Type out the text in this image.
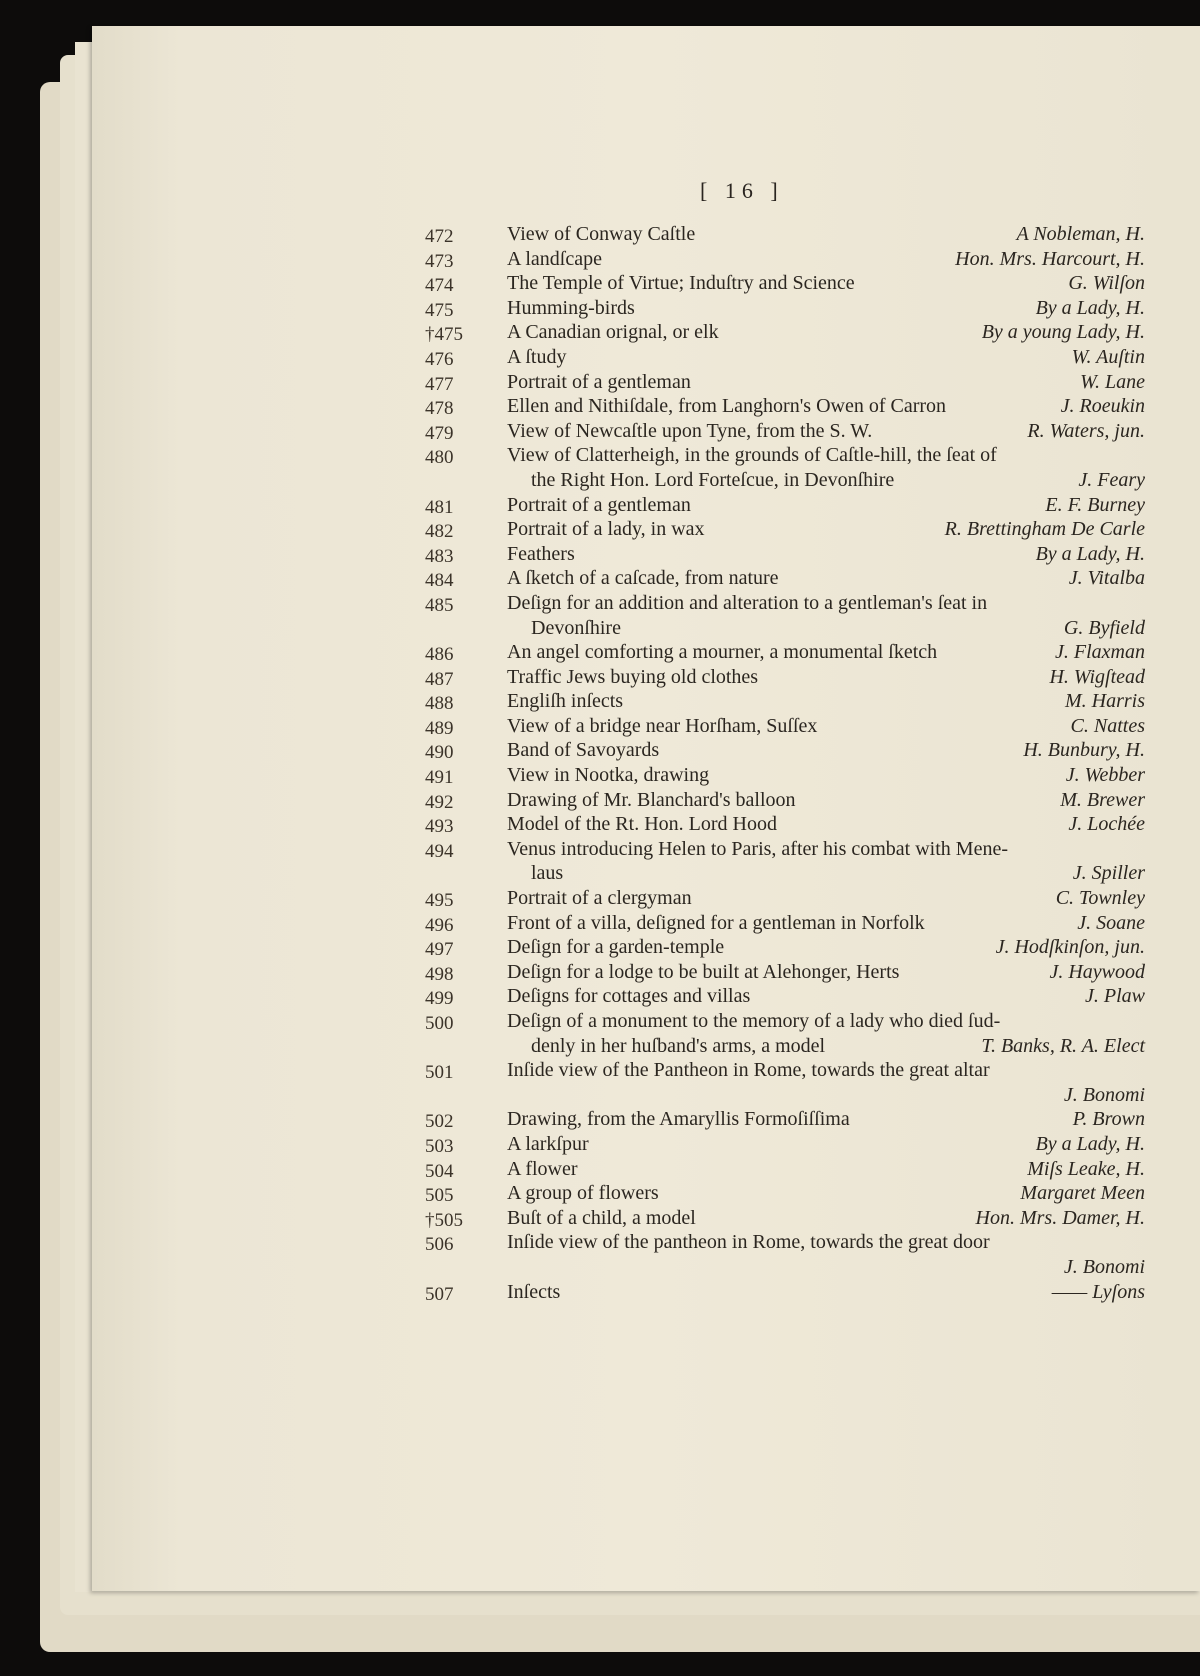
[ 16 ]
472	View of Conway Caſtle	A Nobleman, H.
473	A landſcape	Hon. Mrs. Harcourt, H.
474	The Temple of Virtue; Induſtry and Science	G. Wilſon
475	Humming-birds	By a Lady, H.
†475	A Canadian orignal, or elk	By a young Lady, H.
476	A ſtudy	W. Auſtin
477	Portrait of a gentleman	W. Lane
478	Ellen and Nithiſdale, from Langhorn's Owen of Carron	J. Roeukin
479	View of Newcaſtle upon Tyne, from the S. W.	R. Waters, jun.
480	View of Clatterheigh, in the grounds of Caſtle-hill, the ſeat of
the Right Hon. Lord Forteſcue, in Devonſhire	J. Feary
481	Portrait of a gentleman	E. F. Burney
482	Portrait of a lady, in wax	R. Brettingham De Carle
483	Feathers	By a Lady, H.
484	A ſketch of a caſcade, from nature	J. Vitalba
485	Deſign for an addition and alteration to a gentleman's ſeat in
Devonſhire	G. Byfield
486	An angel comforting a mourner, a monumental ſketch	J. Flaxman
487	Traffic Jews buying old clothes	H. Wigſtead
488	Engliſh inſects	M. Harris
489	View of a bridge near Horſham, Suſſex	C. Nattes
490	Band of Savoyards	H. Bunbury, H.
491	View in Nootka, drawing	J. Webber
492	Drawing of Mr. Blanchard's balloon	M. Brewer
493	Model of the Rt. Hon. Lord Hood	J. Lochée
494	Venus introducing Helen to Paris, after his combat with Mene-
laus	J. Spiller
495	Portrait of a clergyman	C. Townley
496	Front of a villa, deſigned for a gentleman in Norfolk	J. Soane
497	Deſign for a garden-temple	J. Hodſkinſon, jun.
498	Deſign for a lodge to be built at Alehonger, Herts	J. Haywood
499	Deſigns for cottages and villas	J. Plaw
500	Deſign of a monument to the memory of a lady who died ſud-
denly in her huſband's arms, a model	T. Banks, R. A. Elect
501	Inſide view of the Pantheon in Rome, towards the great altar
J. Bonomi
502	Drawing, from the Amaryllis Formoſiſſima	P. Brown
503	A larkſpur	By a Lady, H.
504	A flower	Miſs Leake, H.
505	A group of flowers	Margaret Meen
†505	Buſt of a child, a model	Hon. Mrs. Damer, H.
506	Inſide view of the pantheon in Rome, towards the great door
J. Bonomi
507	Inſects	—— Lyſons
